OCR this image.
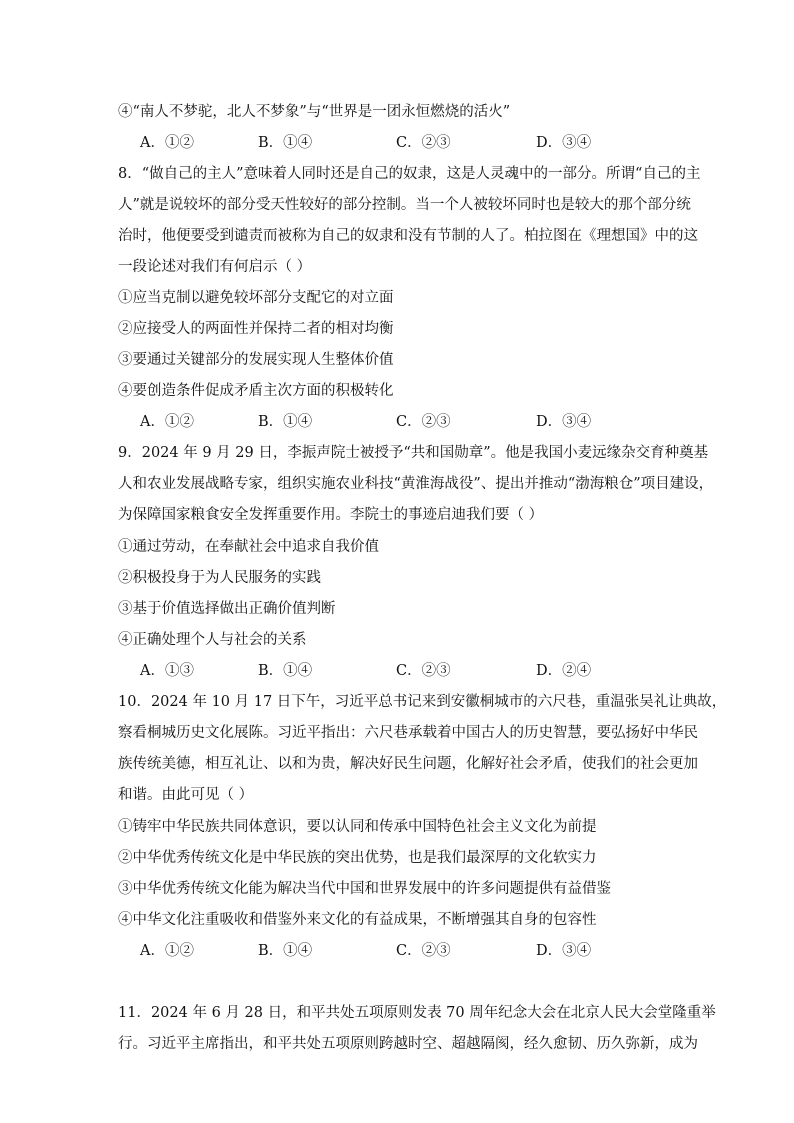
④“南人不梦驼，北人不梦象”与“世界是一团永恒燃烧的活火”
A．①②	B．①④	C．②③	D．③④
8．“做自己的主人”意味着人同时还是自己的奴隶，这是人灵魂中的一部分。所谓“自己的主
人”就是说较坏的部分受天性较好的部分控制。当一个人被较坏同时也是较大的那个部分统
治时，他便要受到谴责而被称为自己的奴隶和没有节制的人了。柏拉图在《理想国》中的这
一段论述对我们有何启示（ ）
①应当克制以避免较坏部分支配它的对立面
②应接受人的两面性并保持二者的相对均衡
③要通过关键部分的发展实现人生整体价值
④要创造条件促成矛盾主次方面的积极转化
A．①②	B．①④	C．②③	D．③④
9．2024 年 9 月 29 日，李振声院士被授予“共和国勋章”。他是我国小麦远缘杂交育种奠基
人和农业发展战略专家，组织实施农业科技“黄淮海战役”、提出并推动“渤海粮仓”项目建设，
为保障国家粮食安全发挥重要作用。李院士的事迹启迪我们要（ ）
①通过劳动，在奉献社会中追求自我价值
②积极投身于为人民服务的实践
③基于价值选择做出正确价值判断
④正确处理个人与社会的关系
A．①③	B．①④	C．②③	D．②④
10．2024 年 10 月 17 日下午，习近平总书记来到安徽桐城市的六尺巷，重温张吴礼让典故，
察看桐城历史文化展陈。习近平指出：六尺巷承载着中国古人的历史智慧，要弘扬好中华民
族传统美德，相互礼让、以和为贵，解决好民生问题，化解好社会矛盾，使我们的社会更加
和谐。由此可见（ ）
①铸牢中华民族共同体意识，要以认同和传承中国特色社会主义文化为前提
②中华优秀传统文化是中华民族的突出优势，也是我们最深厚的文化软实力
③中华优秀传统文化能为解决当代中国和世界发展中的许多问题提供有益借鉴
④中华文化注重吸收和借鉴外来文化的有益成果，不断增强其自身的包容性
A．①②	B．①④	C．②③	D．③④
11．2024 年 6 月 28 日，和平共处五项原则发表 70 周年纪念大会在北京人民大会堂隆重举
行。习近平主席指出，和平共处五项原则跨越时空、超越隔阂，经久愈韧、历久弥新，成为
